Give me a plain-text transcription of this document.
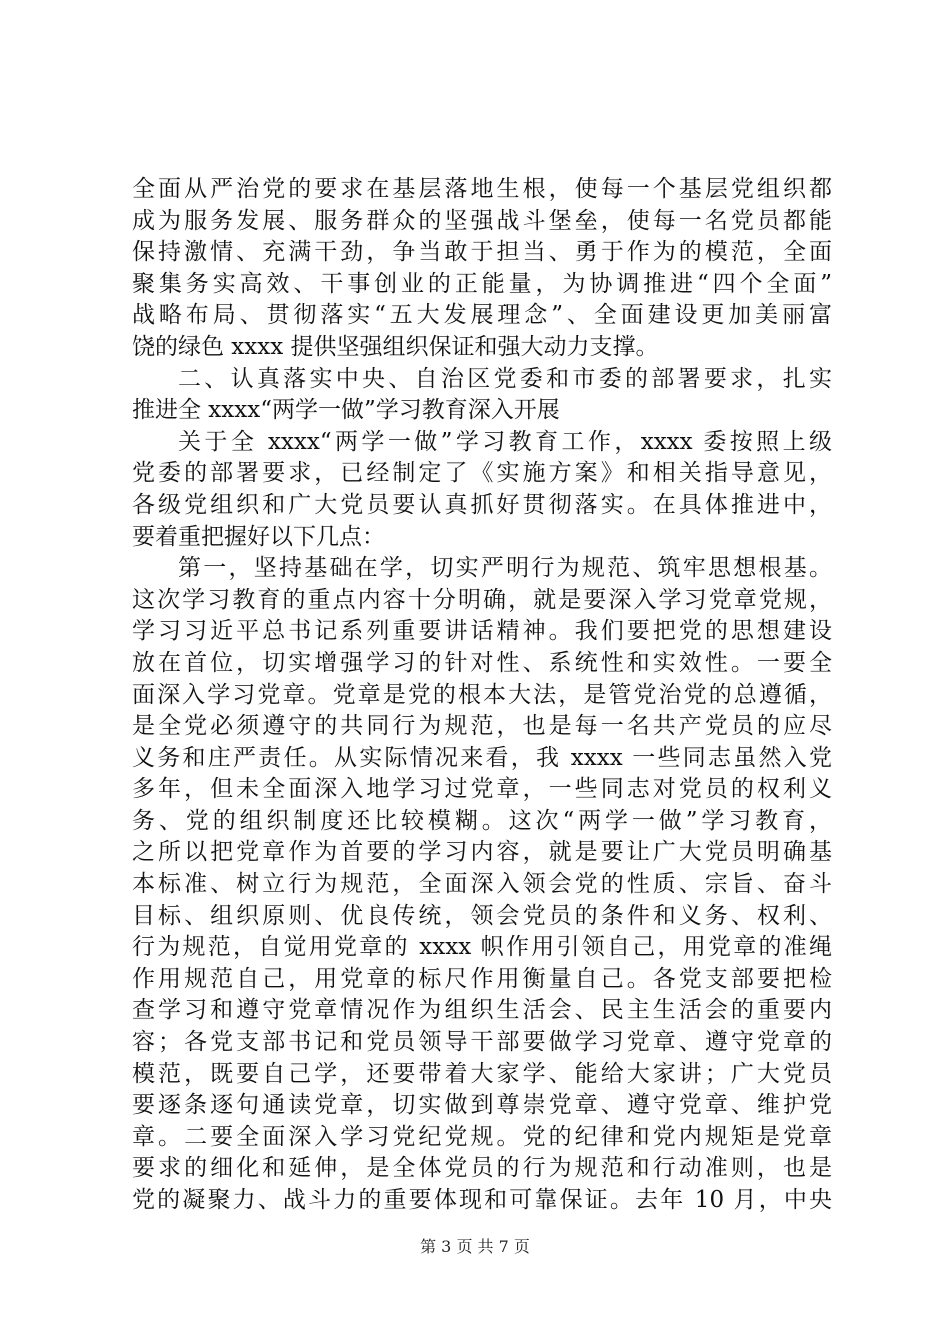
全面从严治党的要求在基层落地生根，使每一个基层党组织都
成为服务发展、服务群众的坚强战斗堡垒，使每一名党员都能
保持激情、充满干劲，争当敢于担当、勇于作为的模范，全面
聚集务实高效、干事创业的正能量，为协调推进“四个全面”
战略布局、贯彻落实“五大发展理念”、全面建设更加美丽富
饶的绿色 xxxx 提供坚强组织保证和强大动力支撑。
二、认真落实中央、自治区党委和市委的部署要求，扎实
推进全 xxxx“两学一做”学习教育深入开展
关于全 xxxx“两学一做”学习教育工作，xxxx 委按照上级
党委的部署要求，已经制定了《实施方案》和相关指导意见，
各级党组织和广大党员要认真抓好贯彻落实。在具体推进中，
要着重把握好以下几点：
第一，坚持基础在学，切实严明行为规范、筑牢思想根基。
这次学习教育的重点内容十分明确，就是要深入学习党章党规，
学习习近平总书记系列重要讲话精神。我们要把党的思想建设
放在首位，切实增强学习的针对性、系统性和实效性。一要全
面深入学习党章。党章是党的根本大法，是管党治党的总遵循，
是全党必须遵守的共同行为规范，也是每一名共产党员的应尽
义务和庄严责任。从实际情况来看，我 xxxx 一些同志虽然入党
多年，但未全面深入地学习过党章，一些同志对党员的权利义
务、党的组织制度还比较模糊。这次“两学一做”学习教育，
之所以把党章作为首要的学习内容，就是要让广大党员明确基
本标准、树立行为规范，全面深入领会党的性质、宗旨、奋斗
目标、组织原则、优良传统，领会党员的条件和义务、权利、
行为规范，自觉用党章的 xxxx 帜作用引领自己，用党章的准绳
作用规范自己，用党章的标尺作用衡量自己。各党支部要把检
查学习和遵守党章情况作为组织生活会、民主生活会的重要内
容；各党支部书记和党员领导干部要做学习党章、遵守党章的
模范，既要自己学，还要带着大家学、能给大家讲；广大党员
要逐条逐句通读党章，切实做到尊崇党章、遵守党章、维护党
章。二要全面深入学习党纪党规。党的纪律和党内规矩是党章
要求的细化和延伸，是全体党员的行为规范和行动准则，也是
党的凝聚力、战斗力的重要体现和可靠保证。去年 10 月，中央
第 3 页 共 7 页
